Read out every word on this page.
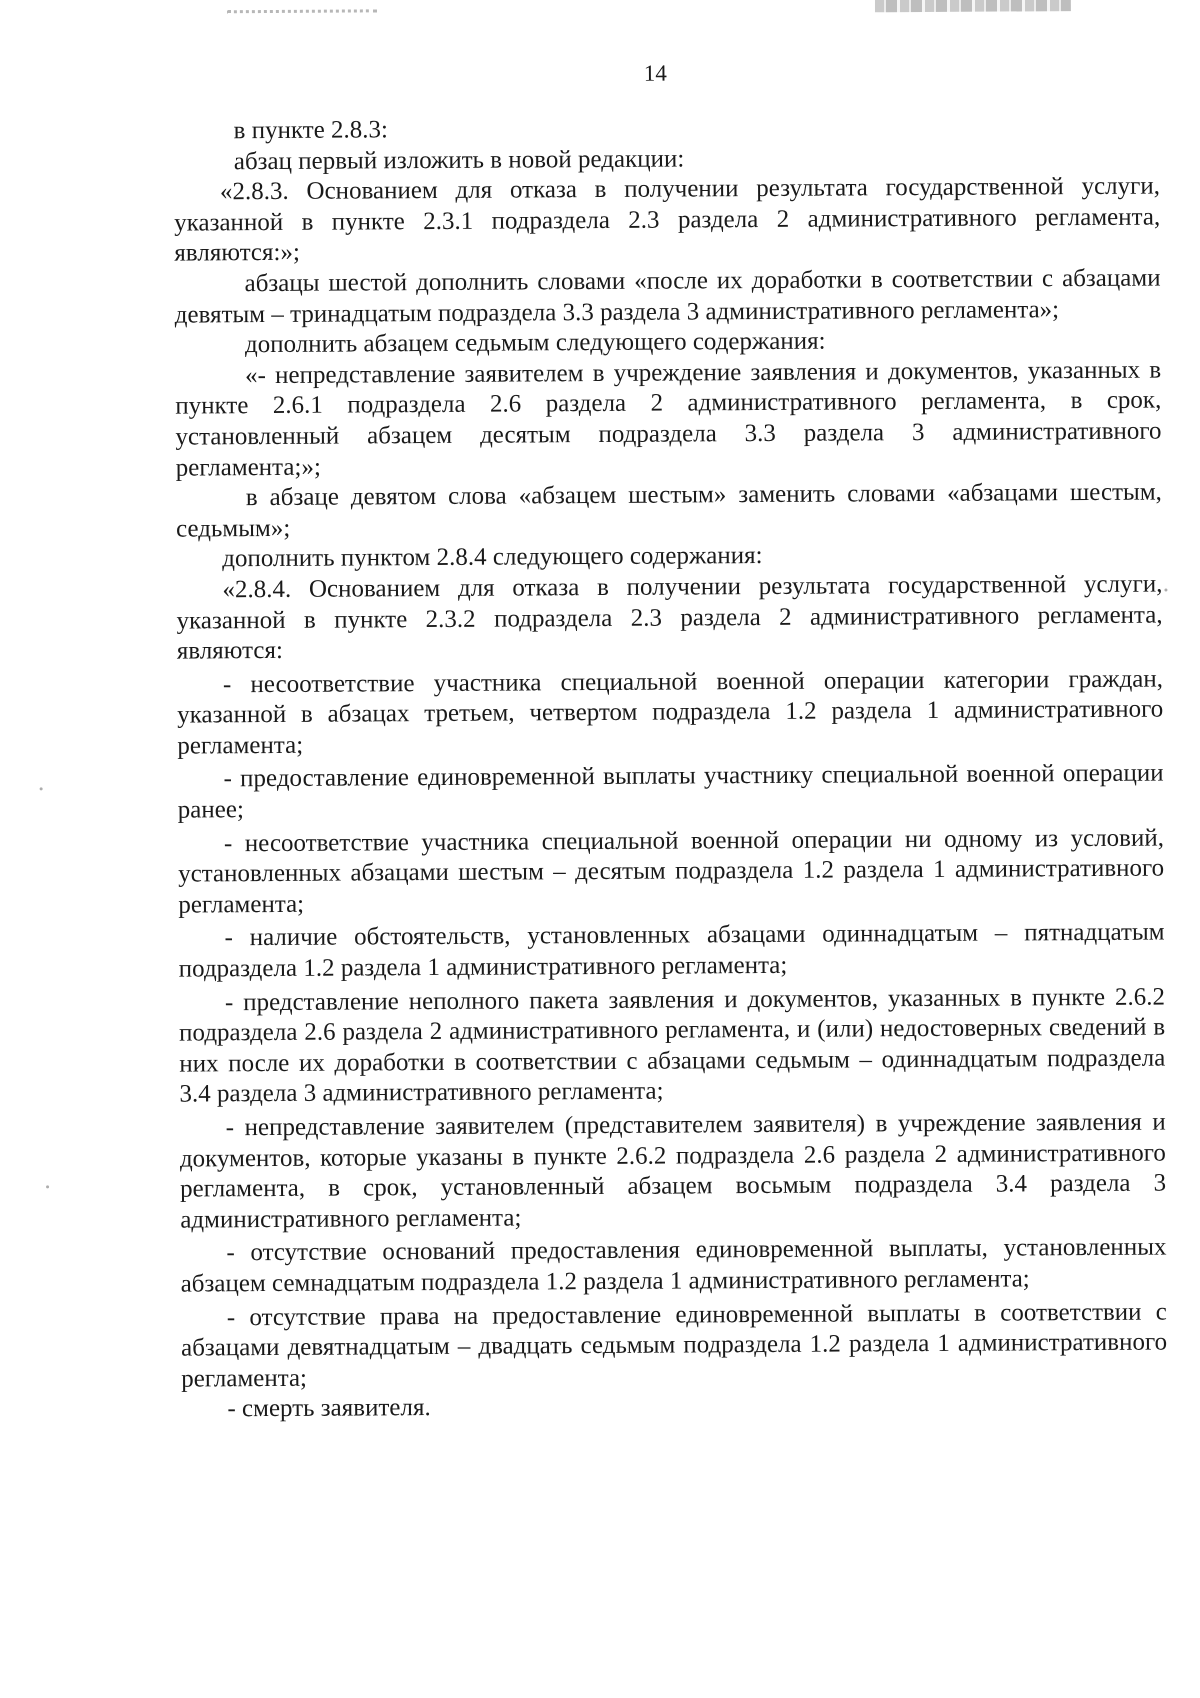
14

в пункте 2.8.3:

абзац первый изложить в новой редакции:

«2.8.3. Основанием для отказа в получении результата государственной услуги, указанной в пункте 2.3.1 подраздела 2.3 раздела 2 административного регламента, являются:»;

абзацы шестой дополнить словами «после их доработки в соответствии с абзацами девятым – тринадцатым подраздела 3.3 раздела 3 административного регламента»;

дополнить абзацем седьмым следующего содержания:

«- непредставление заявителем в учреждение заявления и документов, указанных в пункте 2.6.1 подраздела 2.6 раздела 2 административного регламента, в срок, установленный абзацем десятым подраздела 3.3 раздела 3 административного регламента;»;

в абзаце девятом слова «абзацем шестым» заменить словами «абзацами шестым, седьмым»;

дополнить пунктом 2.8.4 следующего содержания:

«2.8.4. Основанием для отказа в получении результата государственной услуги, указанной в пункте 2.3.2 подраздела 2.3 раздела 2 административного регламента, являются:

- несоответствие участника специальной военной операции категории граждан, указанной в абзацах третьем, четвертом подраздела 1.2 раздела 1 административного регламента;

- предоставление единовременной выплаты участнику специальной военной операции ранее;

- несоответствие участника специальной военной операции ни одному из условий, установленных абзацами шестым – десятым подраздела 1.2 раздела 1 административного регламента;

- наличие обстоятельств, установленных абзацами одиннадцатым – пятнадцатым подраздела 1.2 раздела 1 административного регламента;

- представление неполного пакета заявления и документов, указанных в пункте 2.6.2 подраздела 2.6 раздела 2 административного регламента, и (или) недостоверных сведений в них после их доработки в соответствии с абзацами седьмым – одиннадцатым подраздела 3.4 раздела 3 административного регламента;

- непредставление заявителем (представителем заявителя) в учреждение заявления и документов, которые указаны в пункте 2.6.2 подраздела 2.6 раздела 2 административного регламента, в срок, установленный абзацем восьмым подраздела 3.4 раздела 3 административного регламента;

- отсутствие оснований предоставления единовременной выплаты, установленных абзацем семнадцатым подраздела 1.2 раздела 1 административного регламента;

- отсутствие права на предоставление единовременной выплаты в соответствии с абзацами девятнадцатым – двадцать седьмым подраздела 1.2 раздела 1 административного регламента;

- смерть заявителя.
